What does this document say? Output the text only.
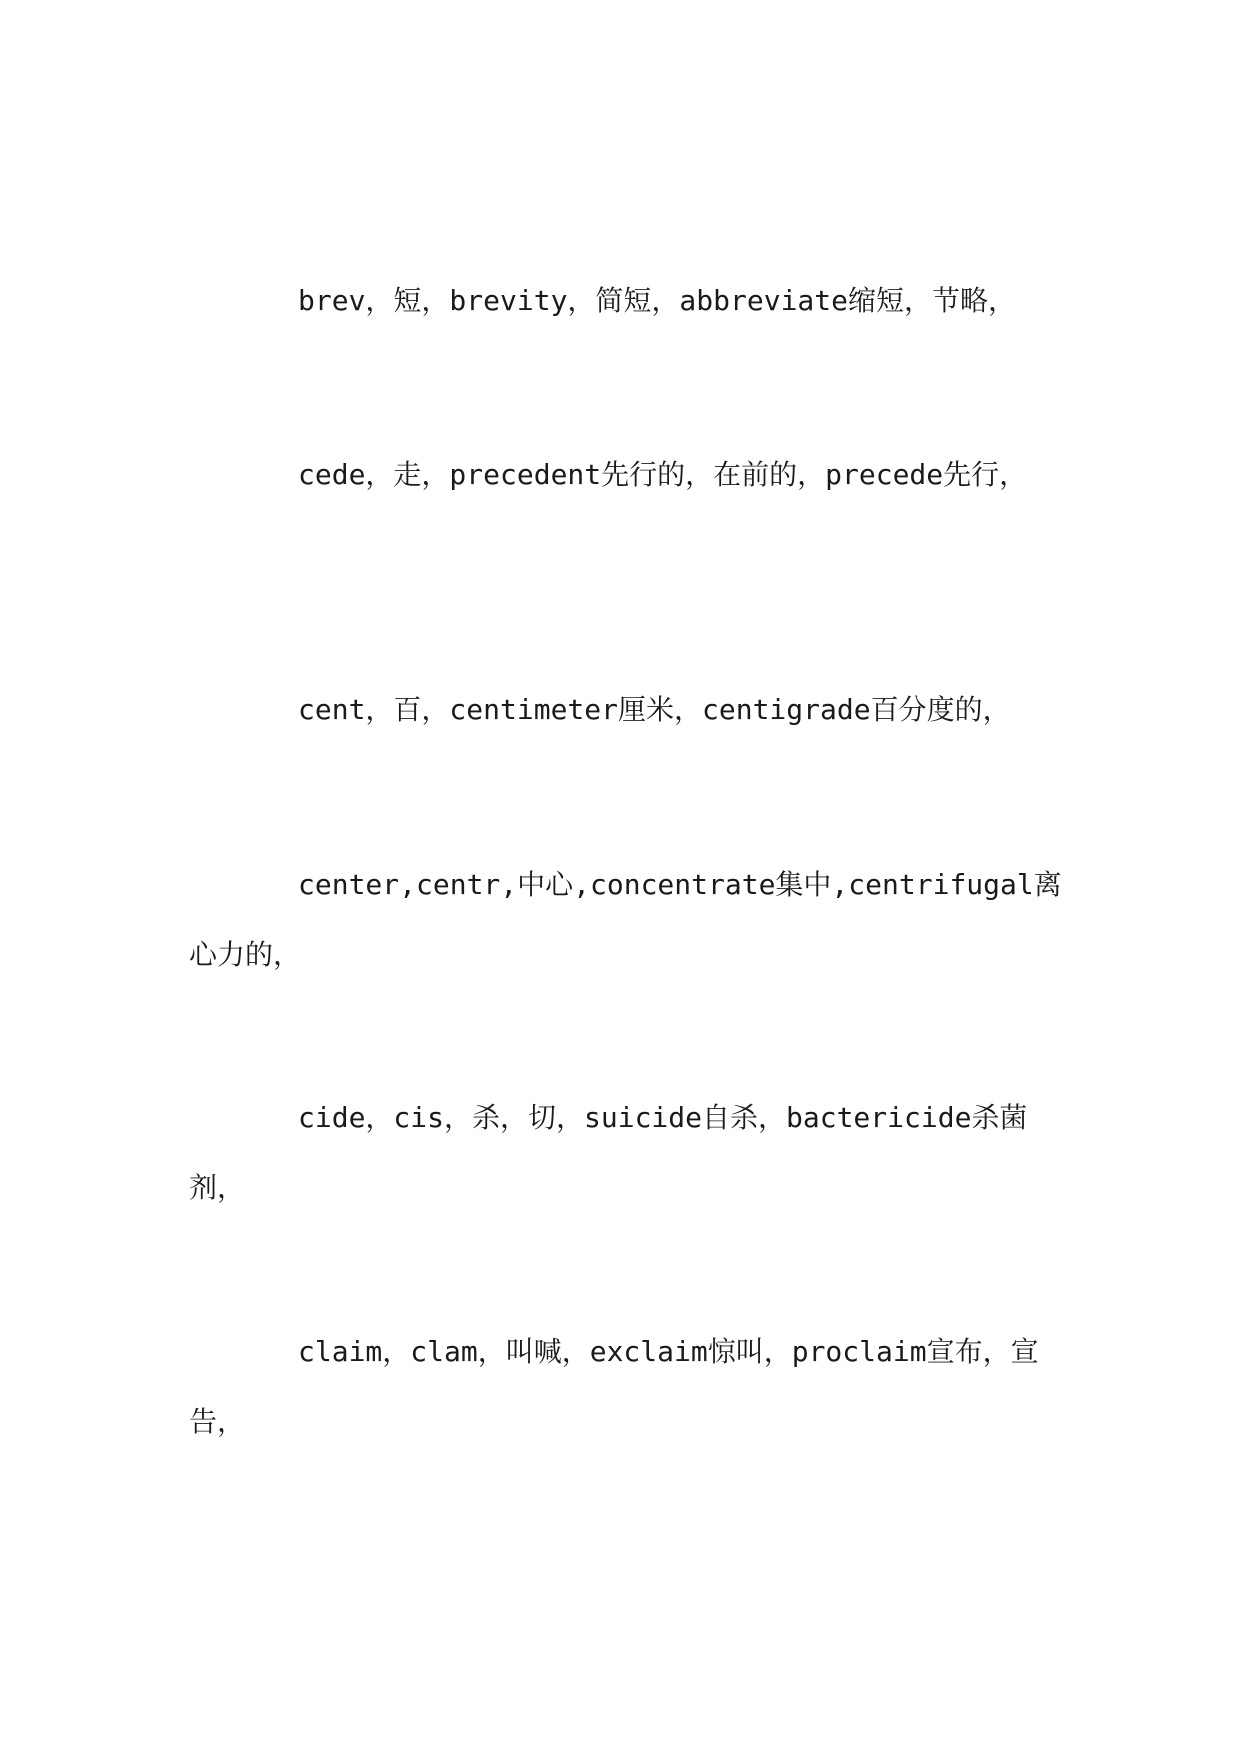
brev，短，brevity，简短，abbreviate缩短，节略，

cede，走，precedent先行的，在前的，precede先行，

cent，百，centimeter厘米，centigrade百分度的，

center,centr,中心,concentrate集中,centrifugal离心力的，

cide，cis，杀，切，suicide自杀，bactericide杀菌剂，

claim，clam，叫喊，exclaim惊叫，proclaim宣布，宣告，
